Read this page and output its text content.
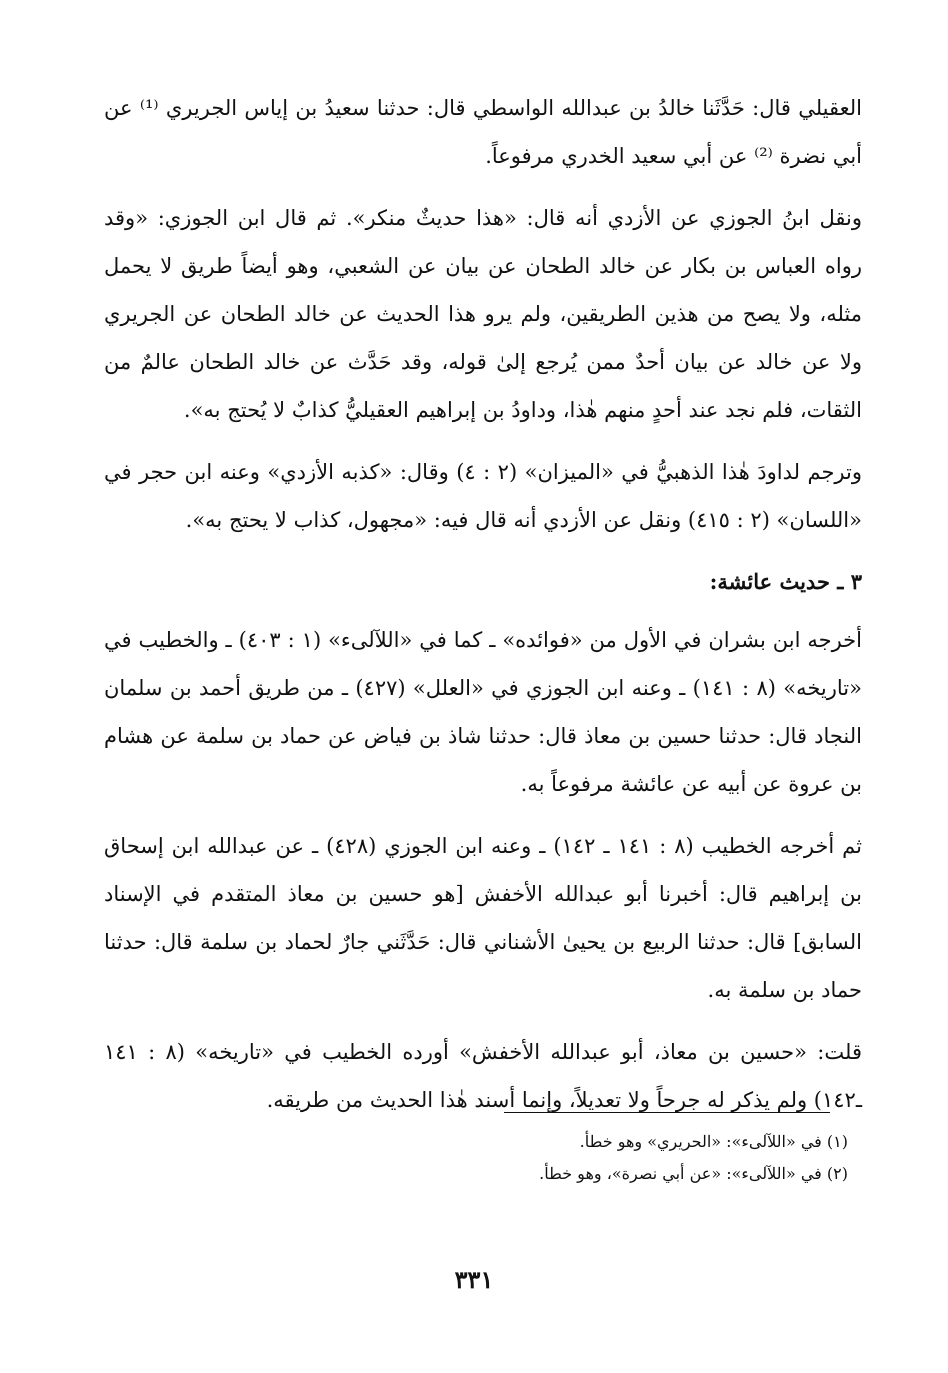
العقيلي قال: حَدَّثَنا خالدُ بن عبدالله الواسطي قال: حدثنا سعيدُ بن إياس الجريري ⁽¹⁾ عن أبي نضرة ⁽²⁾ عن أبي سعيد الخدري مرفوعاً.

ونقل ابنُ الجوزي عن الأزدي أنه قال: «هذا حديثٌ منكر». ثم قال ابن الجوزي: «وقد رواه العباس بن بكار عن خالد الطحان عن بيان عن الشعبي، وهو أيضاً طريق لا يحمل مثله، ولا يصح من هذين الطريقين، ولم يرو هذا الحديث عن خالد الطحان عن الجريري ولا عن خالد عن بيان أحدٌ ممن يُرجع إلىٰ قوله، وقد حَدَّث عن خالد الطحان عالمٌ من الثقات، فلم نجد عند أحدٍ منهم هٰذا، وداودُ بن إبراهيم العقيليُّ كذابٌ لا يُحتج به».

وترجم لداودَ هٰذا الذهبيُّ في «الميزان» (٢ : ٤) وقال: «كذبه الأزدي» وعنه ابن حجر في «اللسان» (٢ : ٤١٥) ونقل عن الأزدي أنه قال فيه: «مجهول، كذاب لا يحتج به».

٣ ـ حديث عائشة:

أخرجه ابن بشران في الأول من «فوائده» ـ كما في «اللآلىء» (١ : ٤٠٣) ـ والخطيب في «تاريخه» (٨ : ١٤١) ـ وعنه ابن الجوزي في «العلل» (٤٢٧) ـ من طريق أحمد بن سلمان النجاد قال: حدثنا حسين بن معاذ قال: حدثنا شاذ بن فياض عن حماد بن سلمة عن هشام بن عروة عن أبيه عن عائشة مرفوعاً به.

ثم أخرجه الخطيب (٨ : ١٤١ ـ ١٤٢) ـ وعنه ابن الجوزي (٤٢٨) ـ عن عبدالله ابن إسحاق بن إبراهيم قال: أخبرنا أبو عبدالله الأخفش [هو حسين بن معاذ المتقدم في الإسناد السابق] قال: حدثنا الربيع بن يحيىٰ الأشناني قال: حَدَّثَني جارٌ لحماد بن سلمة قال: حدثنا حماد بن سلمة به.

قلت: «حسين بن معاذ، أبو عبدالله الأخفش» أورده الخطيب في «تاريخه» (٨ : ١٤١ ـ١٤٢) ولم يذكر له جرحاً ولا تعديلاً، وإنما أسند هٰذا الحديث من طريقه.

(١) في «اللآلىء»: «الحريري» وهو خطأ.

(٢) في «اللآلىء»: «عن أبي نصرة»، وهو خطأ.

٣٣١
